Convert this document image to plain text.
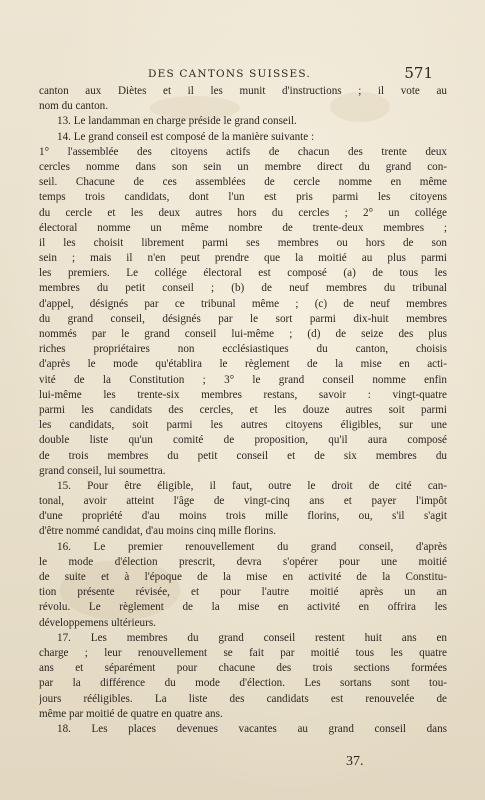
DES CANTONS SUISSES.	571
canton aux Diètes et il les munit d'instructions ; il vote au
nom du canton.
13. Le landamman en charge préside le grand conseil.
14. Le grand conseil est composé de la manière suivante :
1° l'assemblée des citoyens actifs de chacun des trente deux
cercles nomme dans son sein un membre direct du grand con-
seil. Chacune de ces assemblées de cercle nomme en même
temps trois candidats, dont l'un est pris parmi les citoyens
du cercle et les deux autres hors du cercles ; 2° un collége
électoral nomme un même nombre de trente-deux membres ;
il les choisit librement parmi ses membres ou hors de son
sein ; mais il n'en peut prendre que la moitié au plus parmi
les premiers. Le collége électoral est composé (a) de tous les
membres du petit conseil ; (b) de neuf membres du tribunal
d'appel, désignés par ce tribunal même ; (c) de neuf membres
du grand conseil, désignés par le sort parmi dix-huit membres
nommés par le grand conseil lui-même ; (d) de seize des plus
riches propriétaires non ecclésiastiques du canton, choisis
d'après le mode qu'établira le règlement de la mise en acti-
vité de la Constitution ; 3° le grand conseil nomme enfin
lui-même les trente-six membres restans, savoir : vingt-quatre
parmi les candidats des cercles, et les douze autres soit parmi
les candidats, soit parmi les autres citoyens éligibles, sur une
double liste qu'un comité de proposition, qu'il aura composé
de trois membres du petit conseil et de six membres du
grand conseil, lui soumettra.
15. Pour être éligible, il faut, outre le droit de cité can-
tonal, avoir atteint l'âge de vingt-cinq ans et payer l'impôt
d'une propriété d'au moins trois mille florins, ou, s'il s'agit
d'être nommé candidat, d'au moins cinq mille florins.
16. Le premier renouvellement du grand conseil, d'après
le mode d'élection prescrit, devra s'opérer pour une moitié
de suite et à l'époque de la mise en activité de la Constitu-
tion présente révisée, et pour l'autre moitié après un an
révolu. Le règlement de la mise en activité en offrira les
développemens ultérieurs.
17. Les membres du grand conseil restent huit ans en
charge ; leur renouvellement se fait par moitié tous les quatre
ans et séparément pour chacune des trois sections formées
par la différence du mode d'élection. Les sortans sont tou-
jours rééligibles. La liste des candidats est renouvelée de
même par moitié de quatre en quatre ans.
18. Les places devenues vacantes au grand conseil dans
37.
